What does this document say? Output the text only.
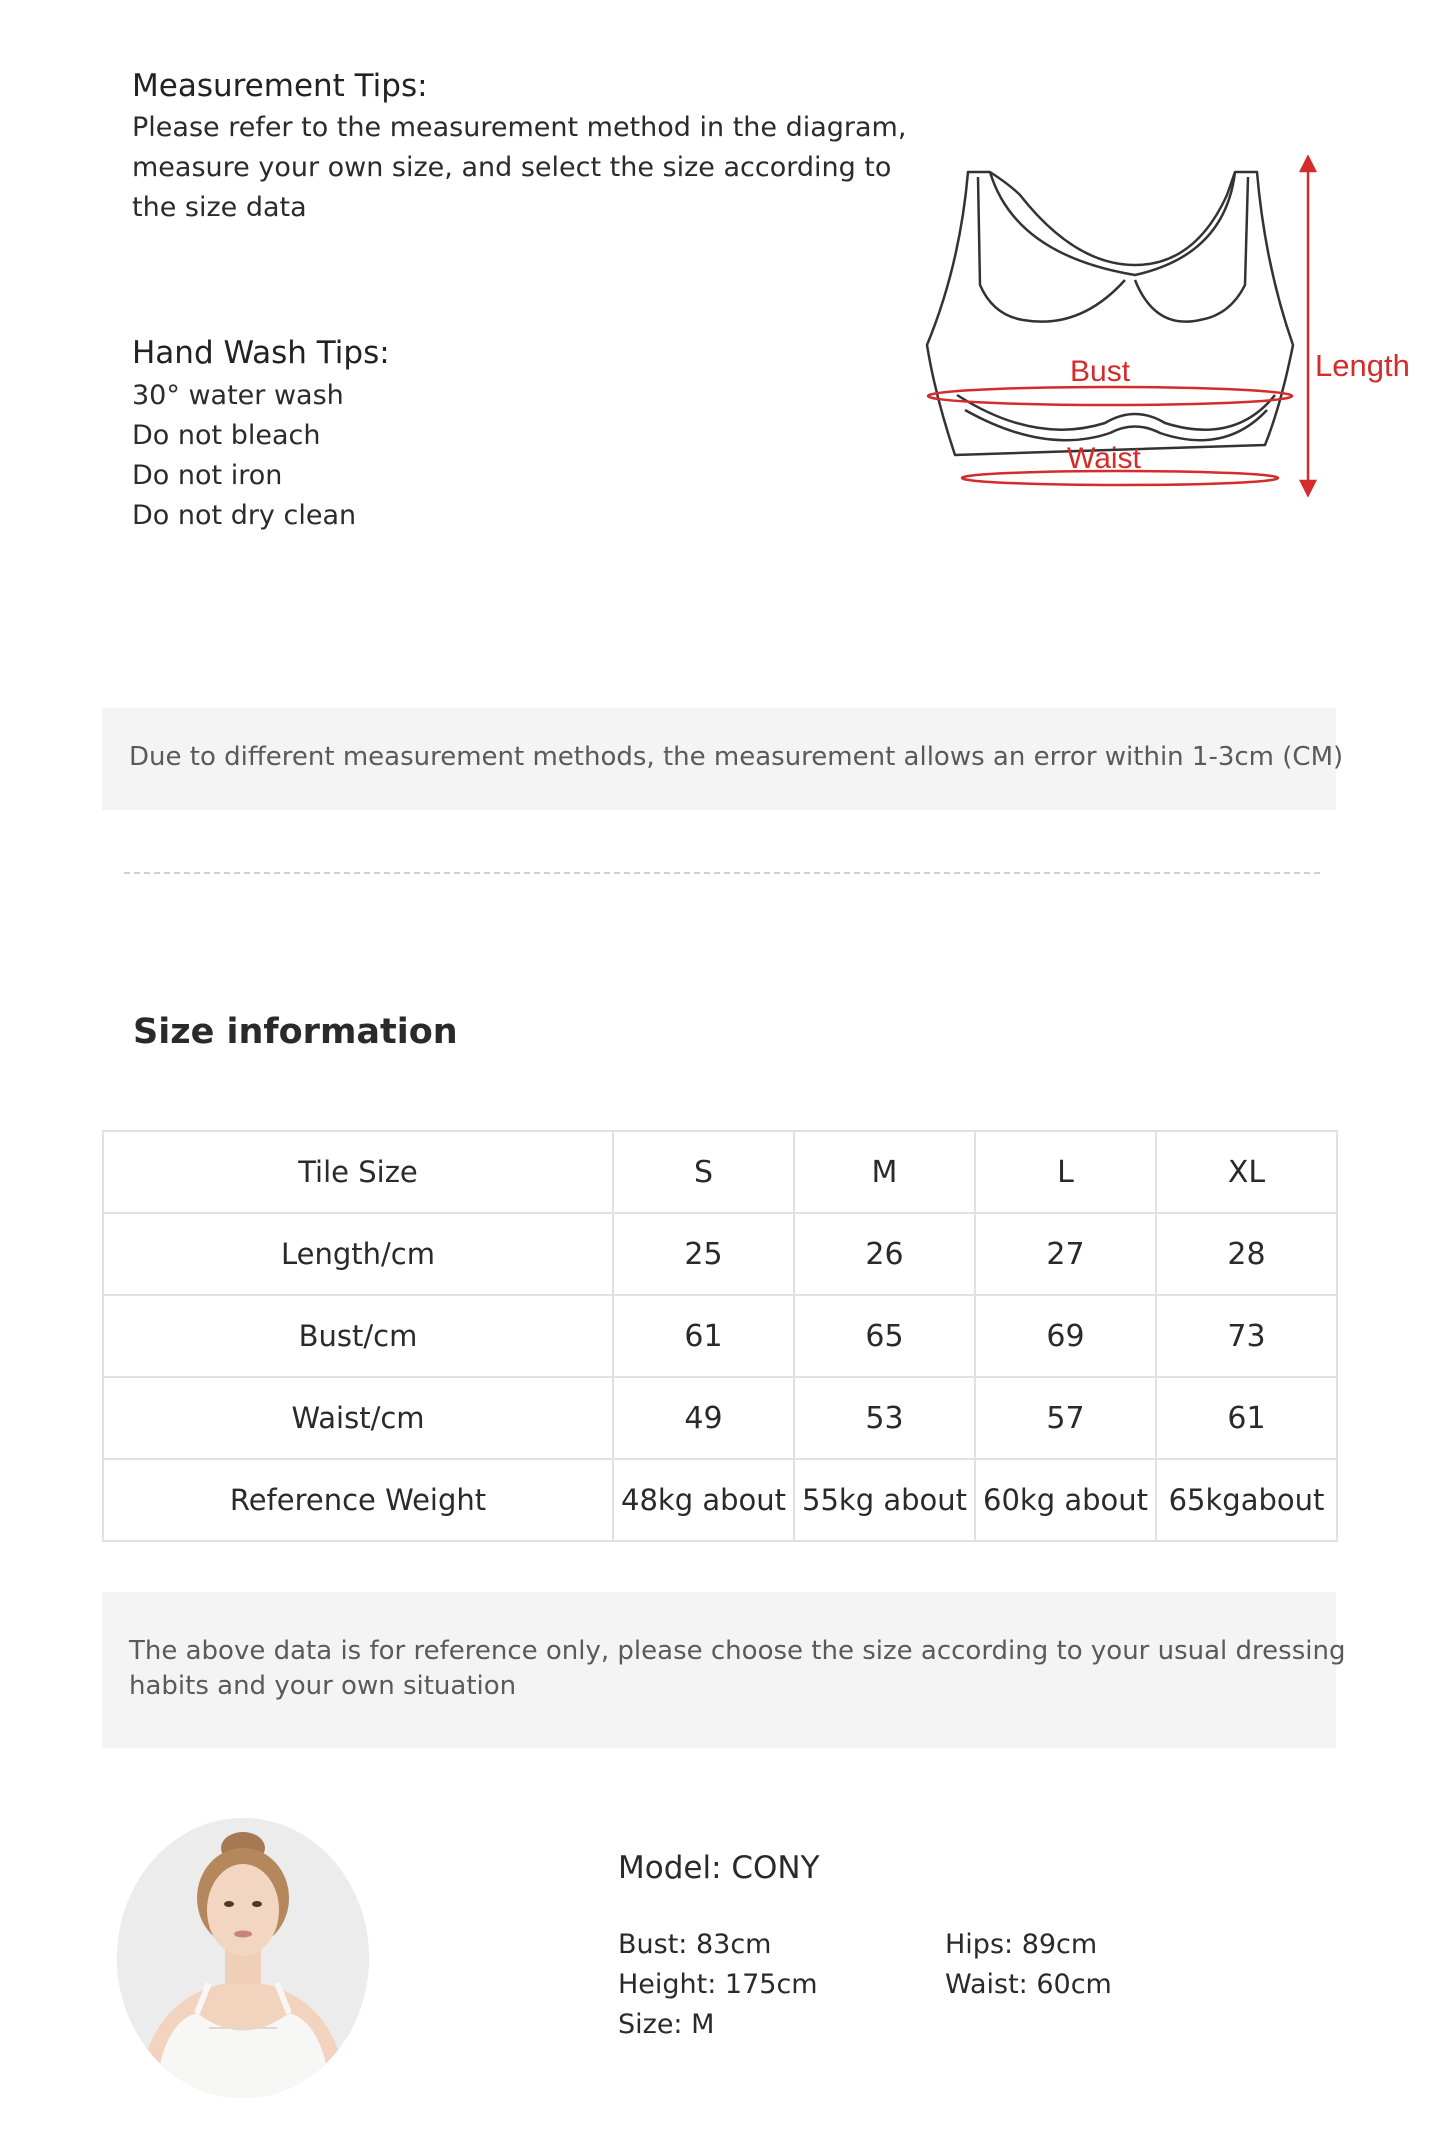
Measurement Tips:
Please refer to the measurement method in the diagram,
measure your own size, and select the size according to
the size data
Hand Wash Tips:
30° water wash
Do not bleach
Do not iron
Do not dry clean
Bust
Waist
Length
Due to different measurement methods, the measurement allows an error within 1-3cm (CM)
Size information
Tile Size	S	M	L	XL
Length/cm	25	26	27	28
Bust/cm	61	65	69	73
Waist/cm	49	53	57	61
Reference Weight	48kg about	55kg about	60kg about	65kgabout
The above data is for reference only, please choose the size according to your usual dressing
habits and your own situation
Model: CONY
Bust: 83cm
Height: 175cm
Size: M
Hips: 89cm
Waist: 60cm
